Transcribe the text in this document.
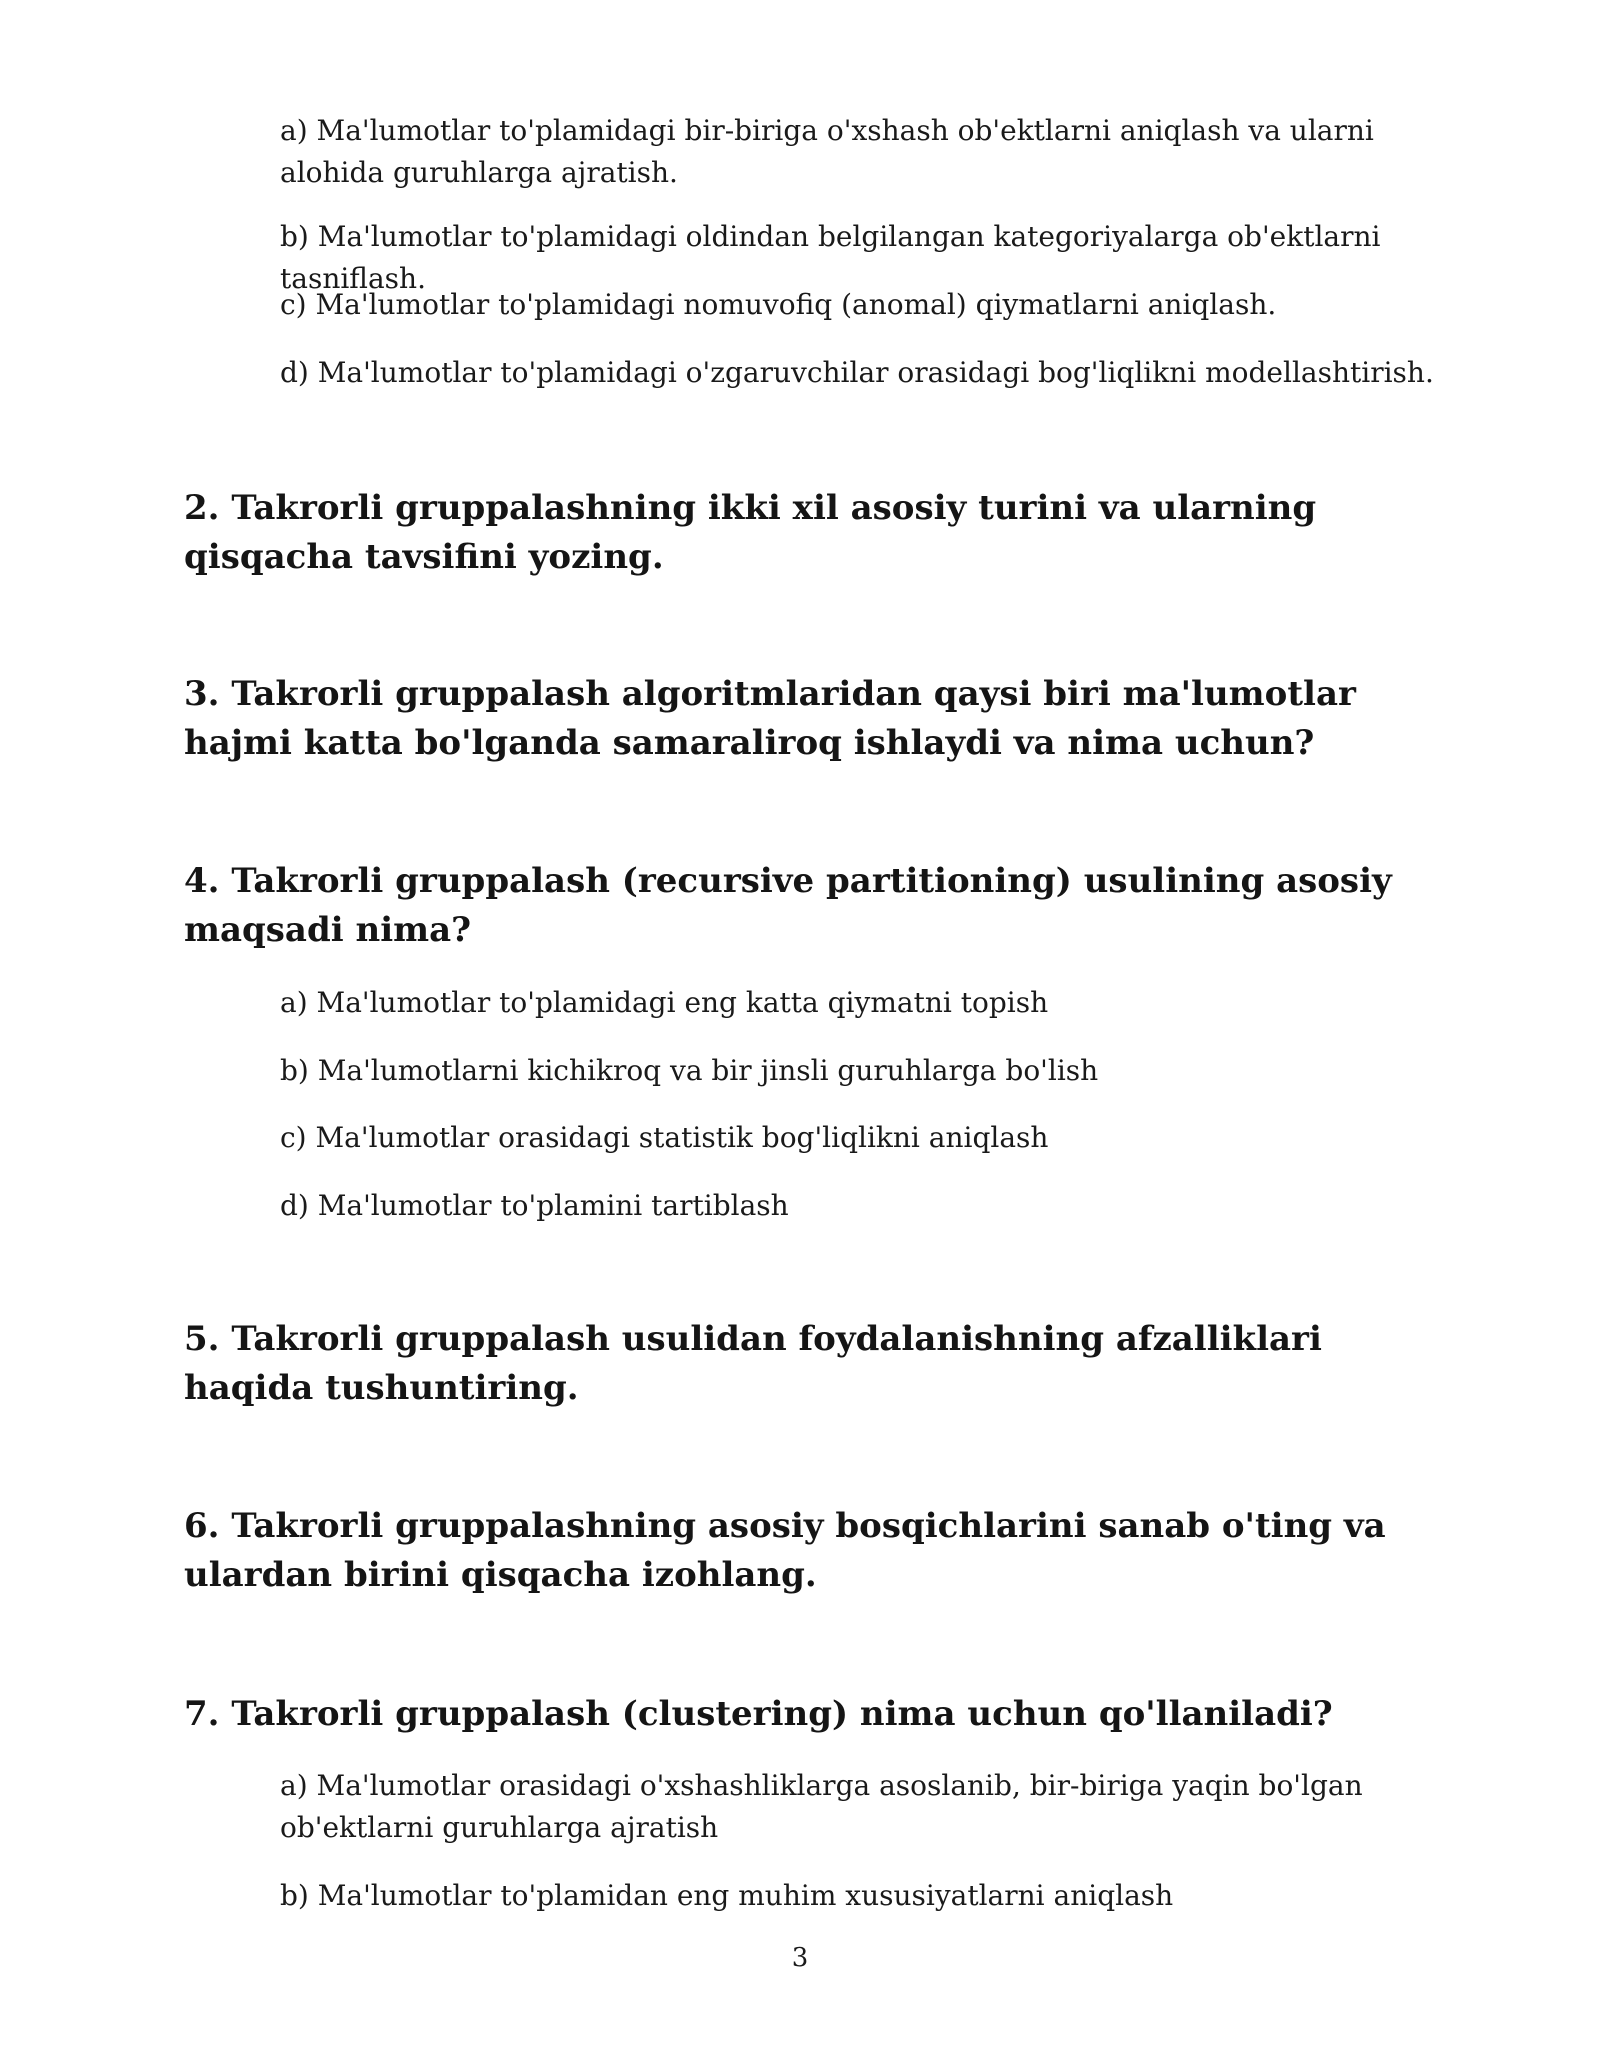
a) Ma'lumotlar to'plamidagi bir-biriga o'xshash ob'ektlarni aniqlash va ularni alohida guruhlarga ajratish.

b) Ma'lumotlar to'plamidagi oldindan belgilangan kategoriyalarga ob'ektlarni tasniflash.

c) Ma'lumotlar to'plamidagi nomuvofiq (anomal) qiymatlarni aniqlash.

d) Ma'lumotlar to'plamidagi o'zgaruvchilar orasidagi bog'liqlikni modellashtirish.

2. Takrorli gruppalashning ikki xil asosiy turini va ularning qisqacha tavsifini yozing.
3. Takrorli gruppalash algoritmlaridan qaysi biri ma'lumotlar hajmi katta bo'lganda samaraliroq ishlaydi va nima uchun?
4. Takrorli gruppalash (recursive partitioning) usulining asosiy maqsadi nima?

a) Ma'lumotlar to'plamidagi eng katta qiymatni topish

b) Ma'lumotlarni kichikroq va bir jinsli guruhlarga bo'lish

c) Ma'lumotlar orasidagi statistik bog'liqlikni aniqlash

d) Ma'lumotlar to'plamini tartiblash

5. Takrorli gruppalash usulidan foydalanishning afzalliklari haqida tushuntiring.
6. Takrorli gruppalashning asosiy bosqichlarini sanab o'ting va ulardan birini qisqacha izohlang.
7. Takrorli gruppalash (clustering) nima uchun qo'llaniladi?

a) Ma'lumotlar orasidagi o'xshashliklarga asoslanib, bir-biriga yaqin bo'lgan ob'ektlarni guruhlarga ajratish

b) Ma'lumotlar to'plamidan eng muhim xususiyatlarni aniqlash

3
